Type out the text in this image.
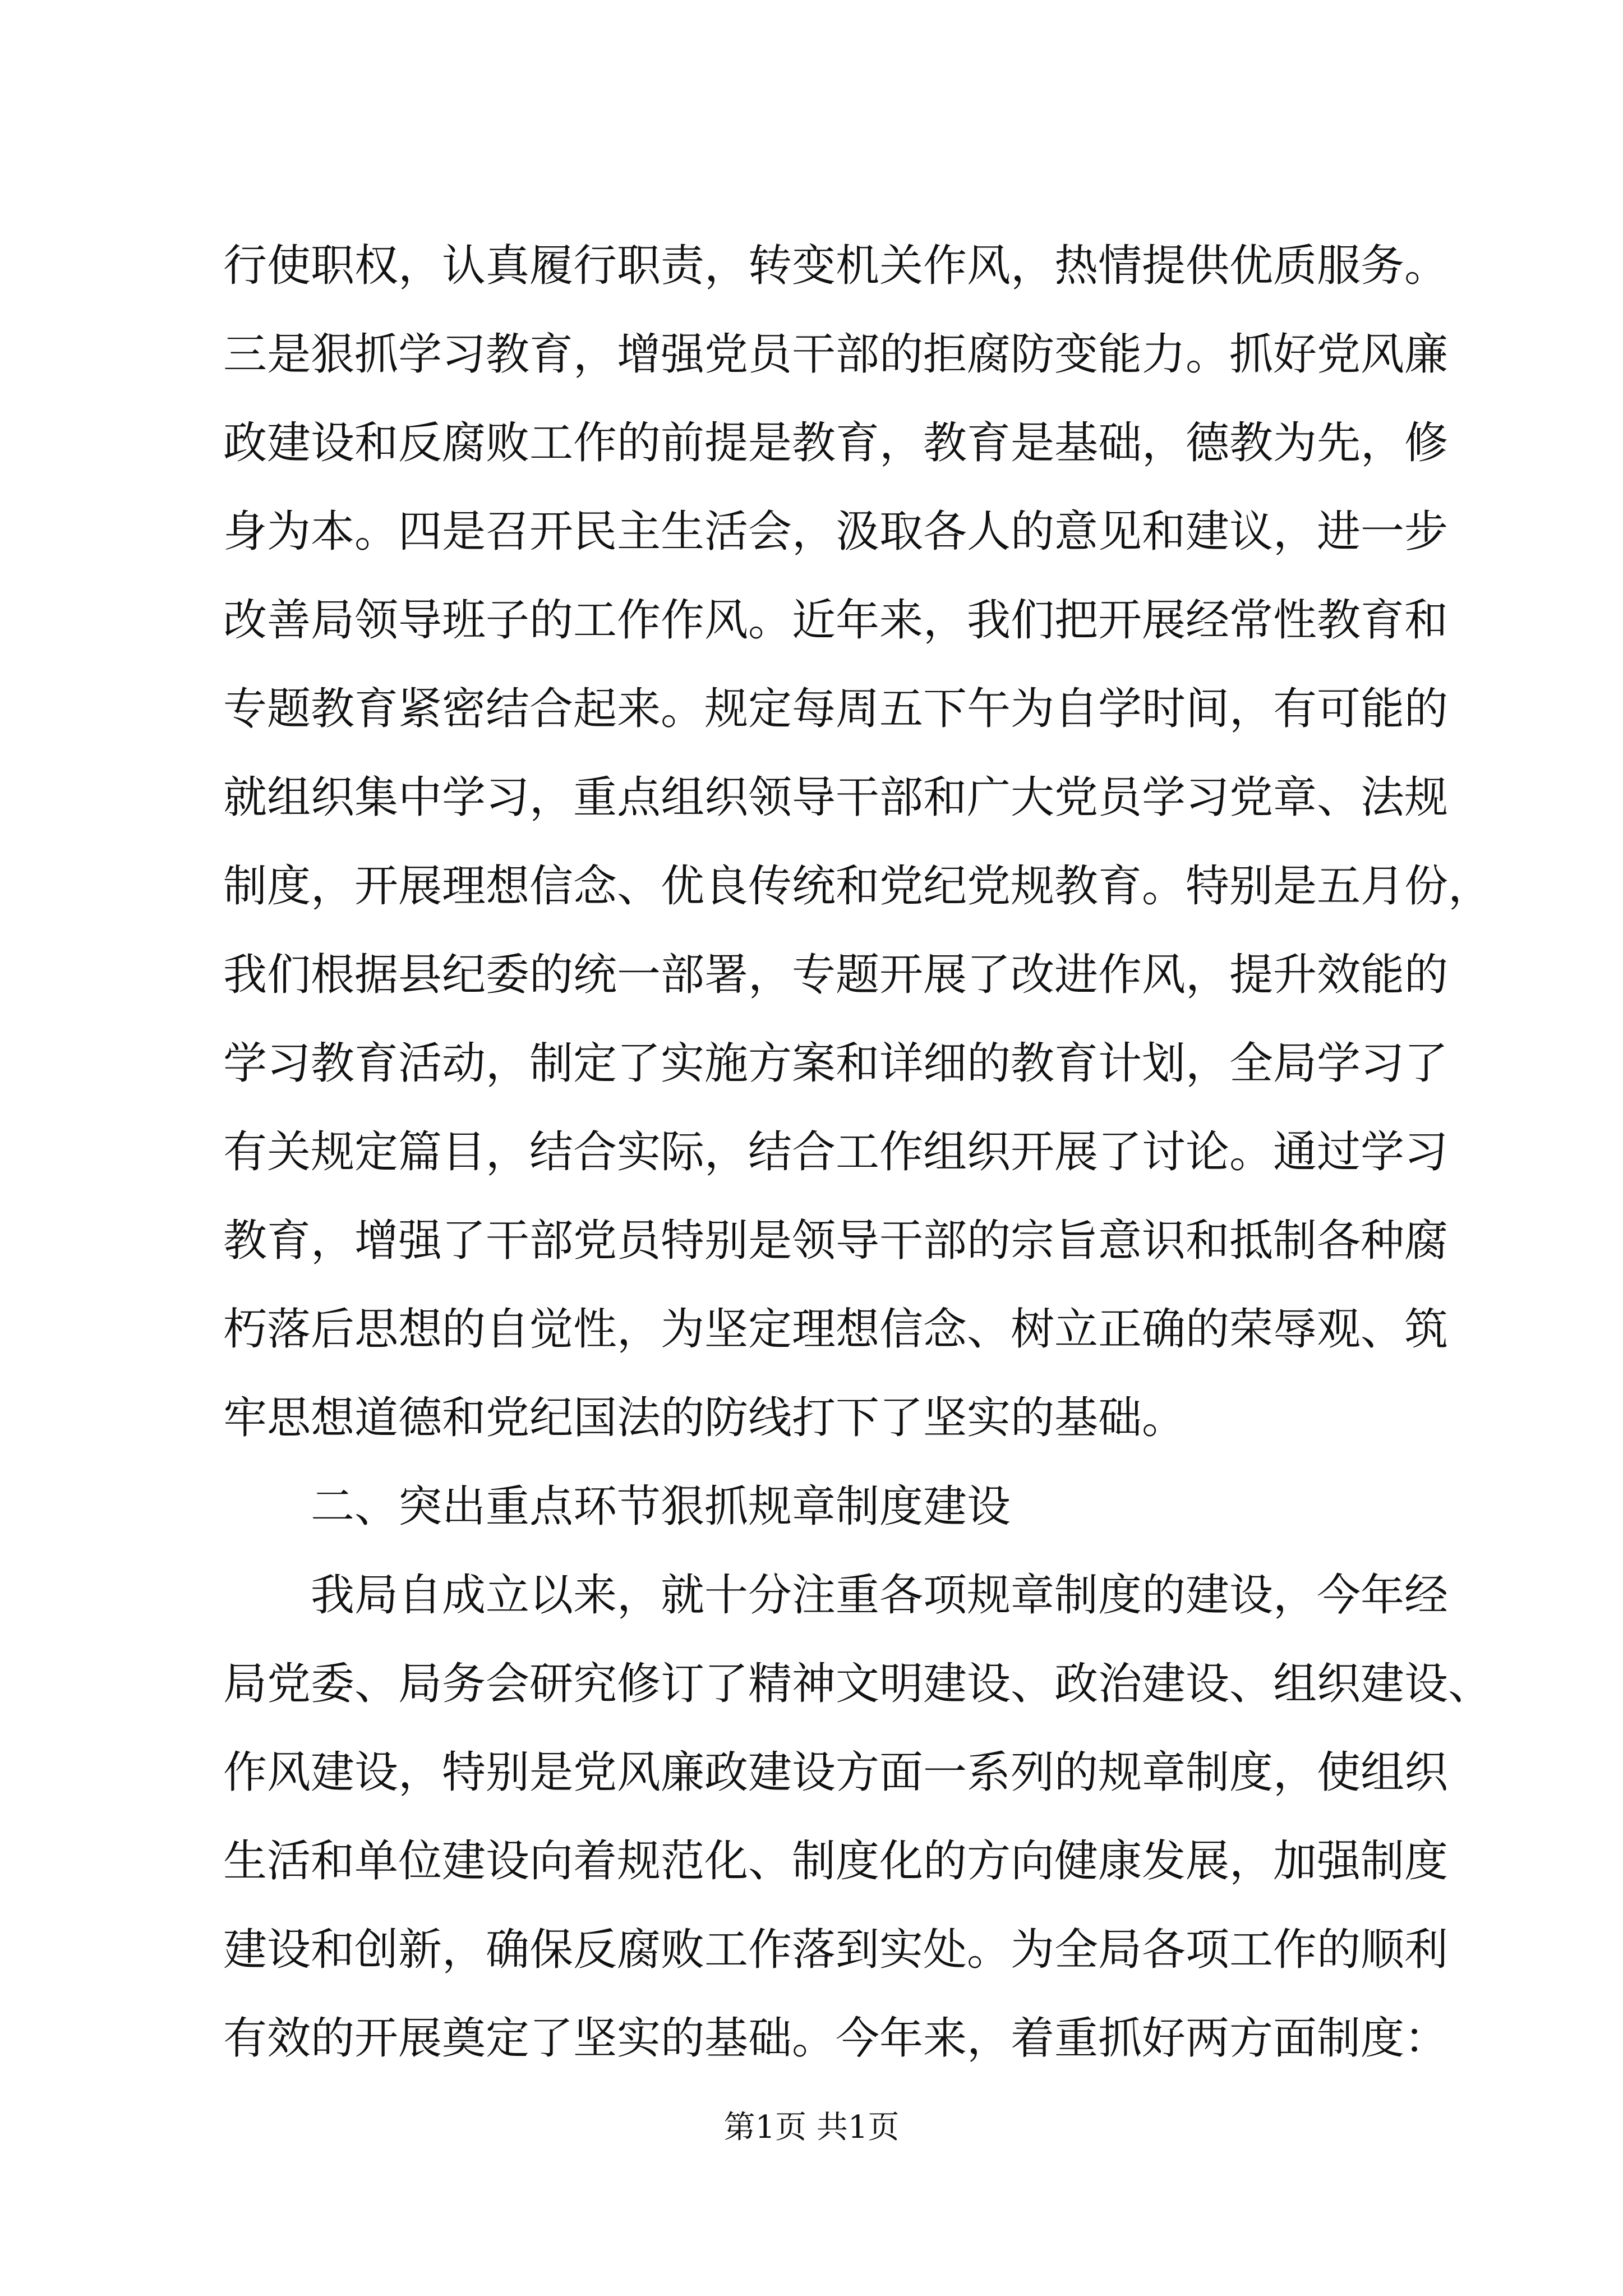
行使职权，认真履行职责，转变机关作风，热情提供优质服务。
三是狠抓学习教育，增强党员干部的拒腐防变能力。抓好党风廉
政建设和反腐败工作的前提是教育，教育是基础，德教为先，修
身为本。四是召开民主生活会，汲取各人的意见和建议，进一步
改善局领导班子的工作作风。近年来，我们把开展经常性教育和
专题教育紧密结合起来。规定每周五下午为自学时间，有可能的
就组织集中学习，重点组织领导干部和广大党员学习党章、法规
制度，开展理想信念、优良传统和党纪党规教育。特别是五月份，
我们根据县纪委的统一部署，专题开展了改进作风，提升效能的
学习教育活动，制定了实施方案和详细的教育计划，全局学习了
有关规定篇目，结合实际，结合工作组织开展了讨论。通过学习
教育，增强了干部党员特别是领导干部的宗旨意识和抵制各种腐
朽落后思想的自觉性，为坚定理想信念、树立正确的荣辱观、筑
牢思想道德和党纪国法的防线打下了坚实的基础。
二、突出重点环节狠抓规章制度建设
我局自成立以来，就十分注重各项规章制度的建设，今年经
局党委、局务会研究修订了精神文明建设、政治建设、组织建设、
作风建设，特别是党风廉政建设方面一系列的规章制度，使组织
生活和单位建设向着规范化、制度化的方向健康发展，加强制度
建设和创新，确保反腐败工作落到实处。为全局各项工作的顺利
有效的开展奠定了坚实的基础。今年来，着重抓好两方面制度：
第1页 共1页
